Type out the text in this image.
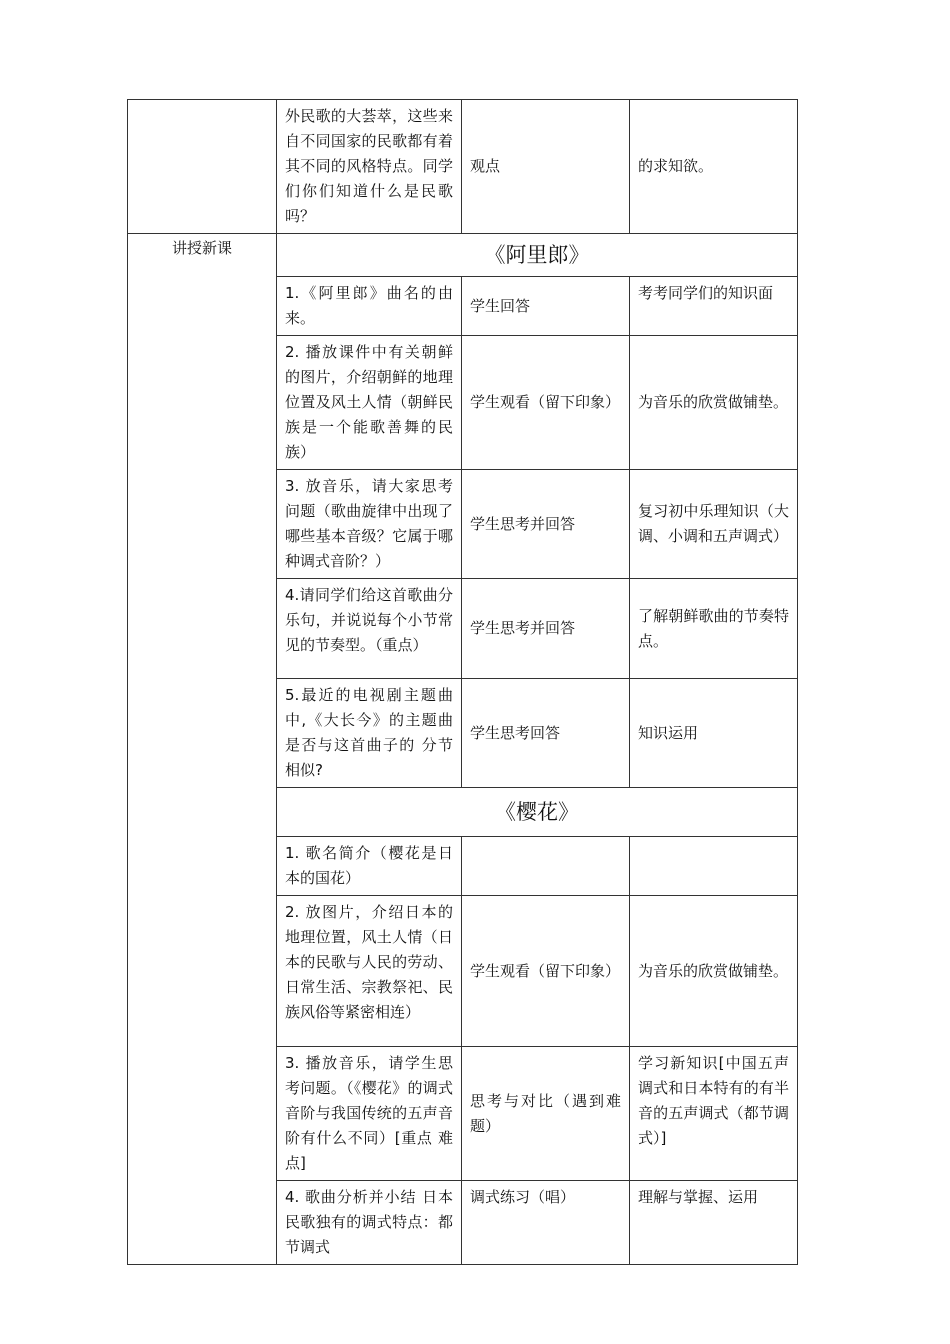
	外民歌的大荟萃，这些来自不同国家的民歌都有着其不同的风格特点。同学们你们知道什么是民歌吗？	观点	的求知欲。

讲授新课	《阿里郎》		

	1.《阿里郎》曲名的由来。	学生回答	考考同学们的知识面

	2. 播放课件中有关朝鲜的图片，介绍朝鲜的地理位置及风土人情（朝鲜民族是一个能歌善舞的民族）	学生观看（留下印象）	为音乐的欣赏做铺垫。

	3. 放音乐，请大家思考问题（歌曲旋律中出现了哪些基本音级？它属于哪种调式音阶？）	学生思考并回答	复习初中乐理知识（大调、小调和五声调式）

	4.请同学们给这首歌曲分乐句，并说说每个小节常见的节奏型。（重点）	学生思考并回答	了解朝鲜歌曲的节奏特点。

	5.最近的电视剧主题曲中,《大长今》的主题曲是否与这首曲子的 分节相似?	学生思考回答	知识运用

	《樱花》		

	1. 歌名简介（樱花是日本的国花）		

	2. 放图片，介绍日本的地理位置，风土人情（日本的民歌与人民的劳动、日常生活、宗教祭祀、民族风俗等紧密相连）	学生观看（留下印象）	为音乐的欣赏做铺垫。

	3. 播放音乐，请学生思考问题。（《樱花》的调式音阶与我国传统的五声音阶有什么不同）[重点 难点]	思考与对比（遇到难题）	学习新知识[中国五声调式和日本特有的有半音的五声调式（都节调式）]

	4. 歌曲分析并小结 日本民歌独有的调式特点：都节调式	调式练习（唱）	理解与掌握、运用
